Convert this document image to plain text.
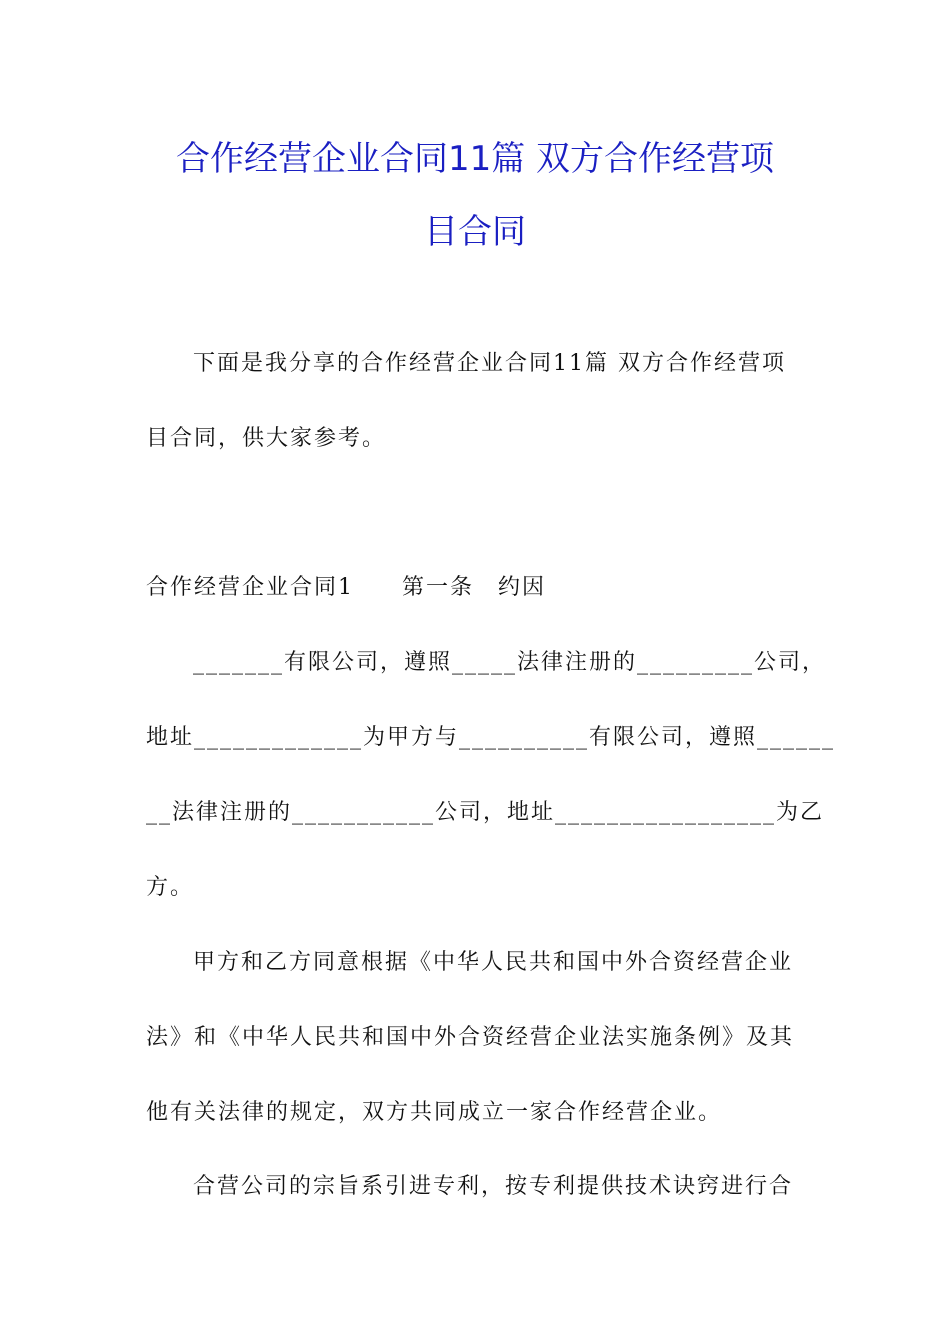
合作经营企业合同11篇 双方合作经营项
目合同
下面是我分享的合作经营企业合同11篇 双方合作经营项
目合同，供大家参考。
合作经营企业合同1　　第一条　约因
_______有限公司，遵照_____法律注册的_________公司，
地址_____________为甲方与__________有限公司，遵照______
__法律注册的___________公司，地址_________________为乙
方。
甲方和乙方同意根据《中华人民共和国中外合资经营企业
法》和《中华人民共和国中外合资经营企业法实施条例》及其
他有关法律的规定，双方共同成立一家合作经营企业。
合营公司的宗旨系引进专利，按专利提供技术诀窍进行合
